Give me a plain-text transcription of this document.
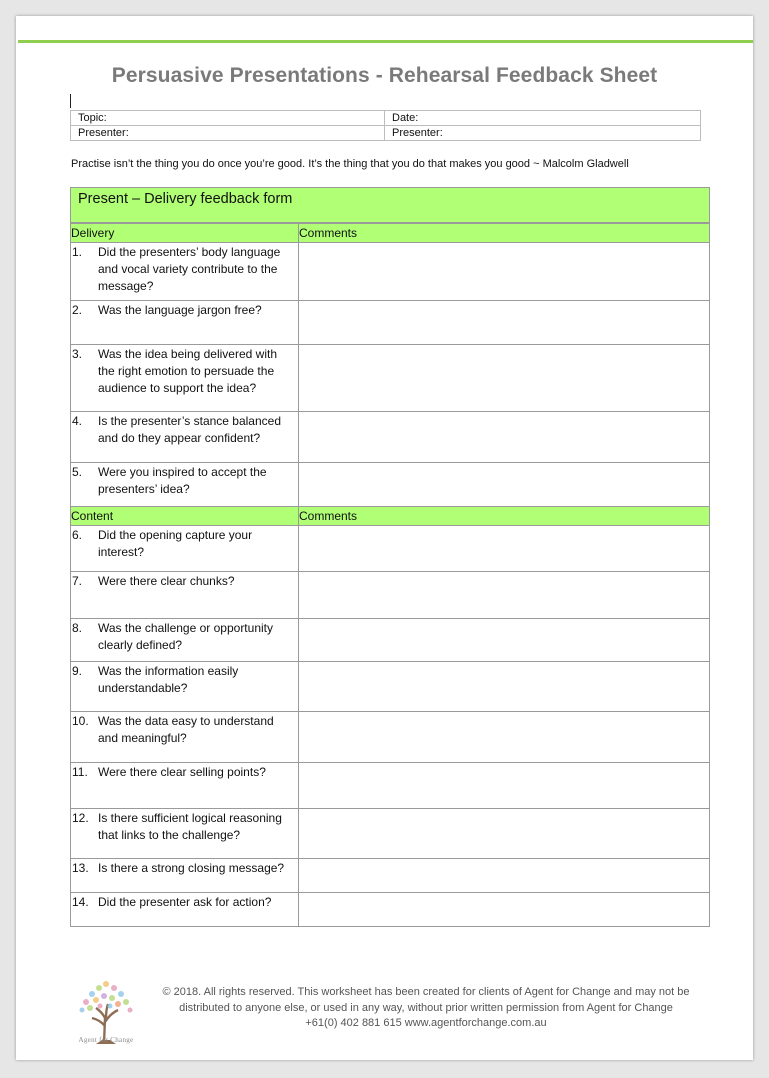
Persuasive Presentations - Rehearsal Feedback Sheet
Topic:	Date:
Presenter:	Presenter:
Practise isn’t the thing you do once you’re good. It’s the thing that you do that makes you good ~ Malcolm Gladwell
Present – Delivery feedback form
Delivery	Comments

1. Did the presenters’ body language and vocal variety contribute to the message?	

2. Was the language jargon free?	

3. Was the idea being delivered with the right emotion to persuade the audience to support the idea?	

4. Is the presenter’s stance balanced and do they appear confident?	

5. Were you inspired to accept the presenters’ idea?	

Content	Comments

6. Did the opening capture your interest?	

7. Were there clear chunks?	

8. Was the challenge or opportunity clearly defined?	

9. Was the information easily understandable?	

10. Was the data easy to understand and meaningful?	

11. Were there clear selling points?	

12. Is there sufficient logical reasoning that links to the challenge?	

13. Is there a strong closing message?	

14. Did the presenter ask for action?	

Agent for Change
© 2018. All rights reserved. This worksheet has been created for clients of Agent for Change and may not be
distributed to anyone else, or used in any way, without prior written permission from Agent for Change
+61(0) 402 881 615 www.agentforchange.com.au
